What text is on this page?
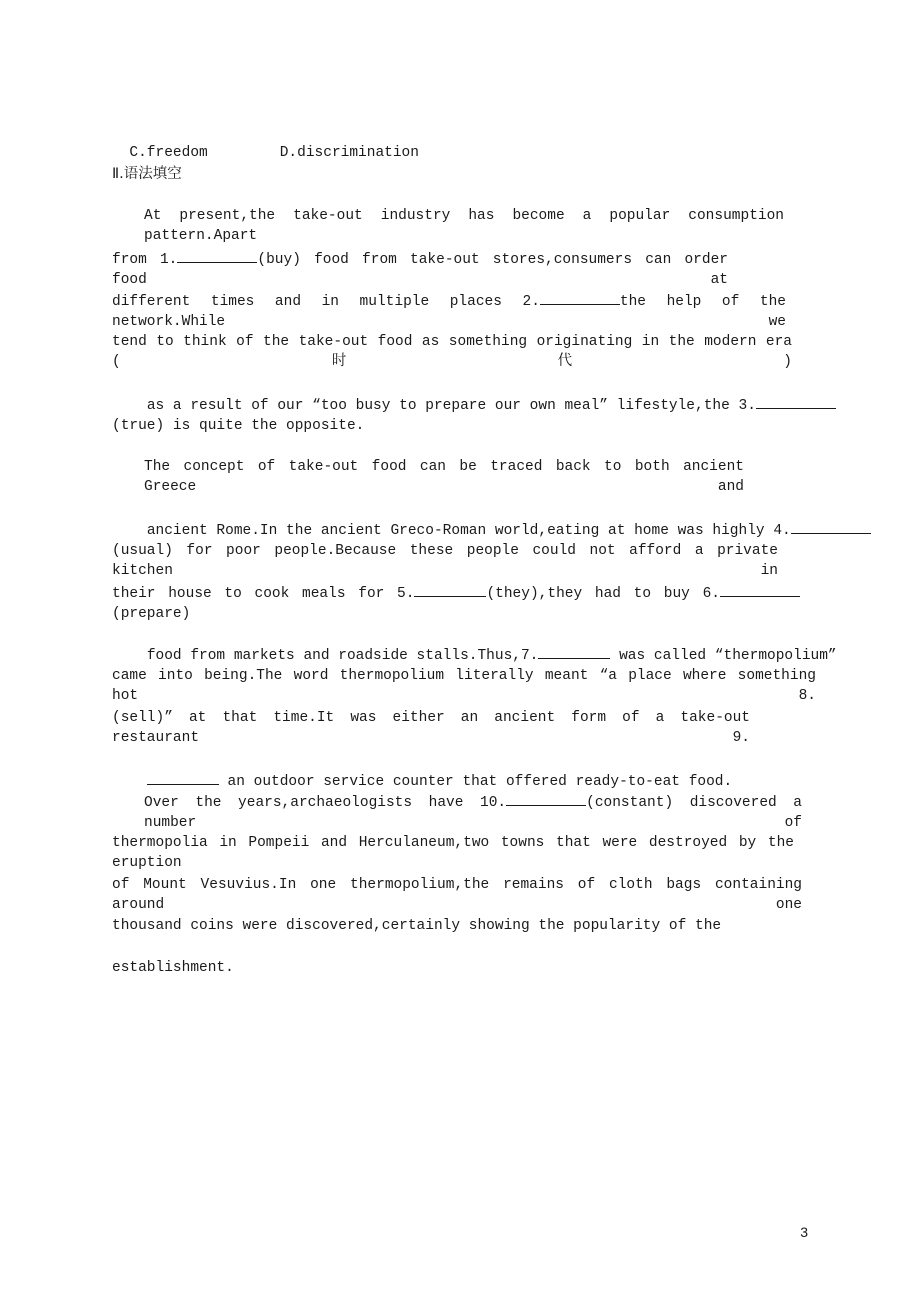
C.freedom	D.discrimination

Ⅱ.语法填空
At present,the take-out industry has become a popular consumption pattern.Apart
from 1.	(buy) food from take-out stores,consumers can order food at
different times and in multiple places 2.	the help of the network.While we
tend to think of the take-out food as something originating in the modern era (时代)

as a result of our “too busy to prepare our own meal” lifestyle,the 3.

(true) is quite the opposite.
The concept of take-out food can be traced back to both ancient Greece and

ancient Rome.In the ancient Greco-Roman world,eating at home was highly 4.

(usual) for poor people.Because these people could not afford a private kitchen in
their house to cook meals for 5.	(they),they had to buy 6.(prepare)

food from markets and roadside stalls.Thus,7.	was called “thermopolium”

came into being.The word thermopolium literally meant “a place where something hot 8.
(sell)” at that time.It was either an ancient form of a take-out restaurant 9.

an outdoor service counter that offered ready-to-eat food.

Over the years,archaeologists have 10.	(constant) discovered a number of
thermopolia in Pompeii and Herculaneum,two towns that were destroyed by the eruption
of Mount Vesuvius.In one thermopolium,the remains of cloth bags containing around one
thousand coins were discovered,certainly showing the popularity of the
establishment.
3
